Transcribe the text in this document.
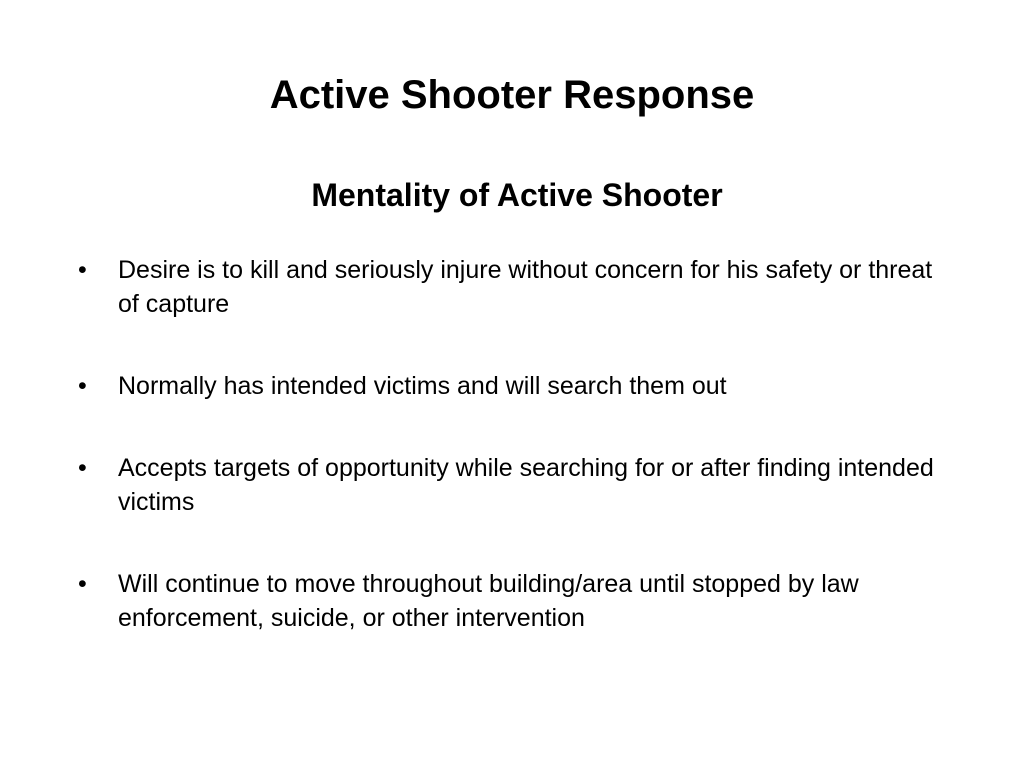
Active Shooter Response
Mentality of Active Shooter
•	Desire is to kill and seriously injure without concern for his safety or threat of capture
•	Normally has intended victims and will search them out
•	Accepts targets of opportunity while searching for or after finding intended victims
•	Will continue to move throughout building/area until stopped by law enforcement, suicide, or other intervention
